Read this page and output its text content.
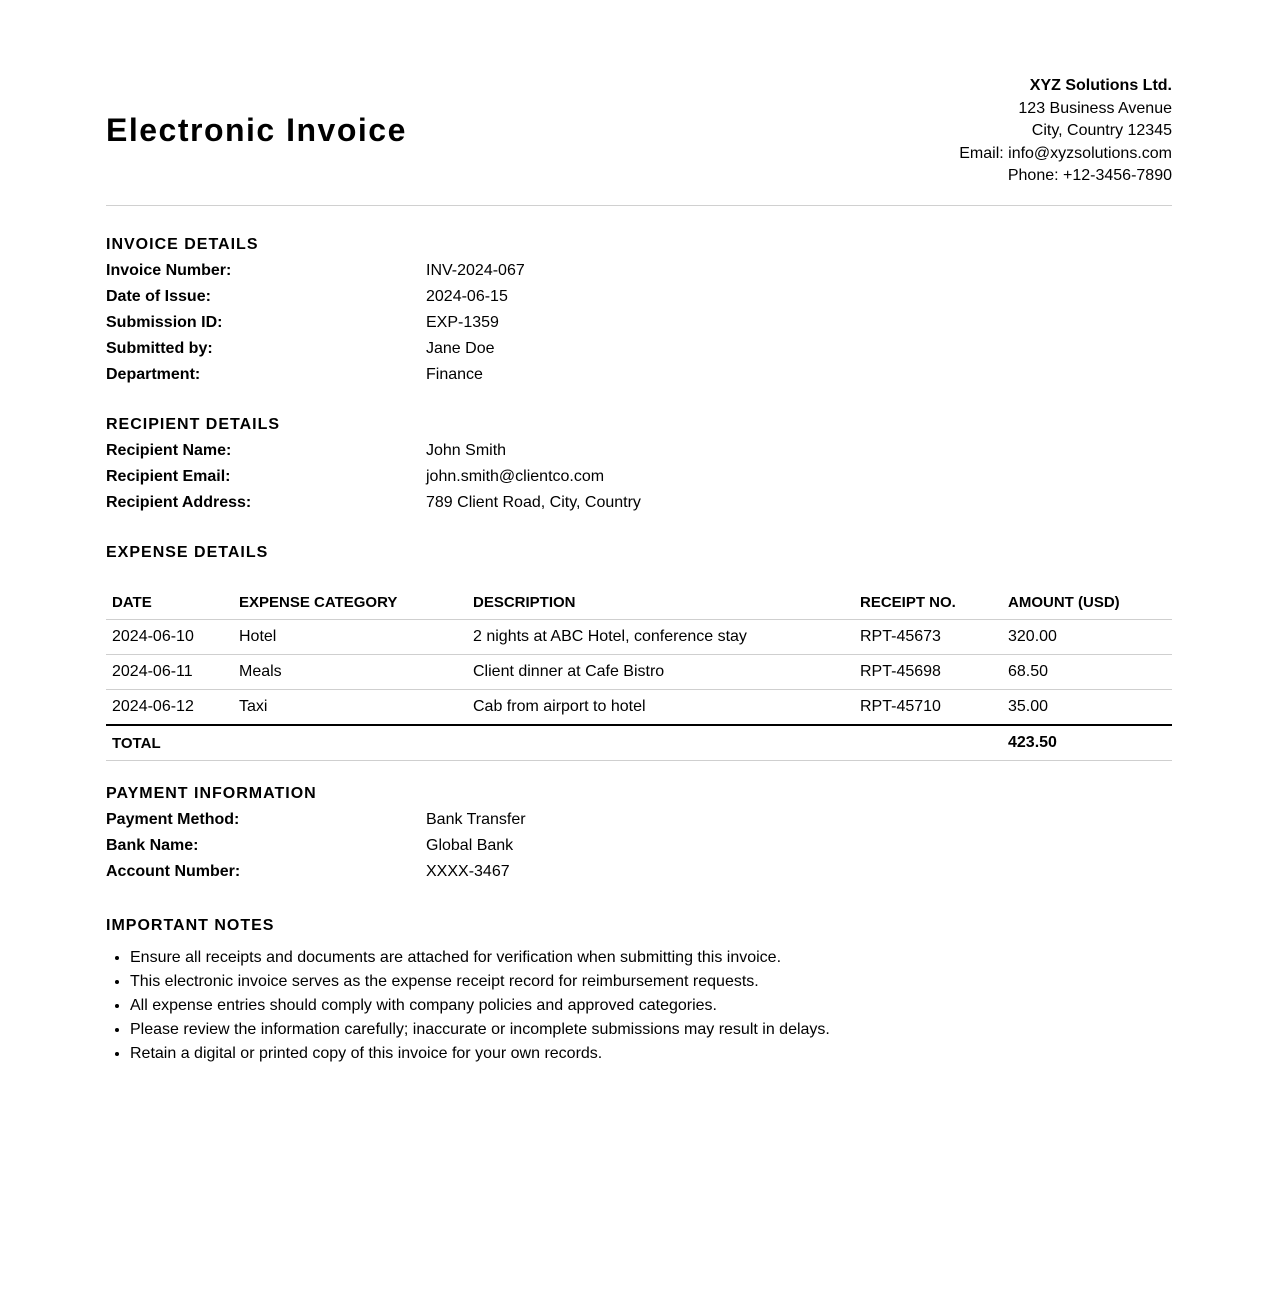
Electronic Invoice
XYZ Solutions Ltd.
123 Business Avenue
City, Country 12345
Email: info@xyzsolutions.com
Phone: +12-3456-7890
INVOICE DETAILS
Invoice Number:	INV-2024-067
Date of Issue:	2024-06-15
Submission ID:	EXP-1359
Submitted by:	Jane Doe
Department:	Finance
RECIPIENT DETAILS
Recipient Name:	John Smith
Recipient Email:	john.smith@clientco.com
Recipient Address:	789 Client Road, City, Country
EXPENSE DETAILS
DATE	EXPENSE CATEGORY	DESCRIPTION	RECEIPT NO.	AMOUNT (USD)
2024-06-10	Hotel	2 nights at ABC Hotel, conference stay	RPT-45673	320.00
2024-06-11	Meals	Client dinner at Cafe Bistro	RPT-45698	68.50
2024-06-12	Taxi	Cab from airport to hotel	RPT-45710	35.00
TOTAL				423.50
PAYMENT INFORMATION
Payment Method:	Bank Transfer
Bank Name:	Global Bank
Account Number:	XXXX-3467
IMPORTANT NOTES
• Ensure all receipts and documents are attached for verification when submitting this invoice.
• This electronic invoice serves as the expense receipt record for reimbursement requests.
• All expense entries should comply with company policies and approved categories.
• Please review the information carefully; inaccurate or incomplete submissions may result in delays.
• Retain a digital or printed copy of this invoice for your own records.
